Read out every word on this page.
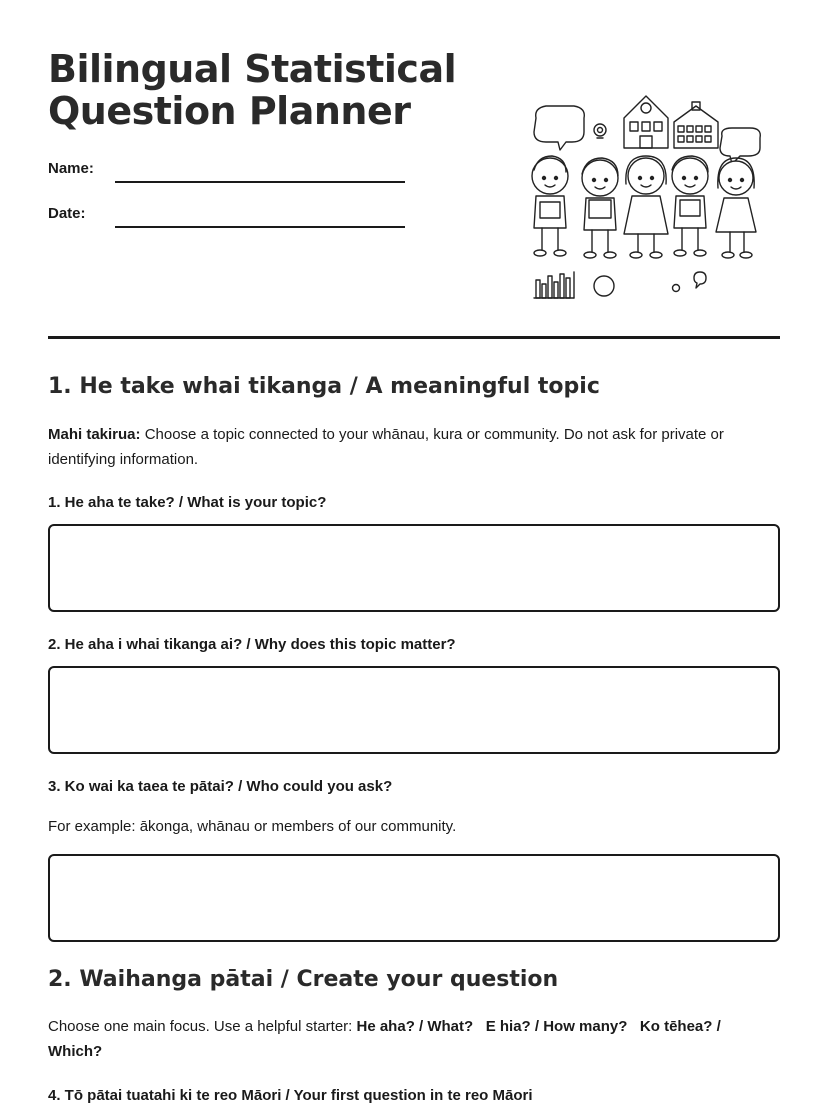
Bilingual Statistical
Question Planner
Name:
Date:
1. He take whai tikanga / A meaningful topic

Mahi takirua: Choose a topic connected to your whānau, kura or community. Do not ask for private or identifying information.

1. He aha te take? / What is your topic?
2. He aha i whai tikanga ai? / Why does this topic matter?
3. Ko wai ka taea te pātai? / Who could you ask?

For example: ākonga, whānau or members of our community.

2. Waihanga pātai / Create your question

Choose one main focus. Use a helpful starter: He aha? / What? E hia? / How many? Ko tēhea? / Which?

4. Tō pātai tuatahi ki te reo Māori / Your first question in te reo Māori
